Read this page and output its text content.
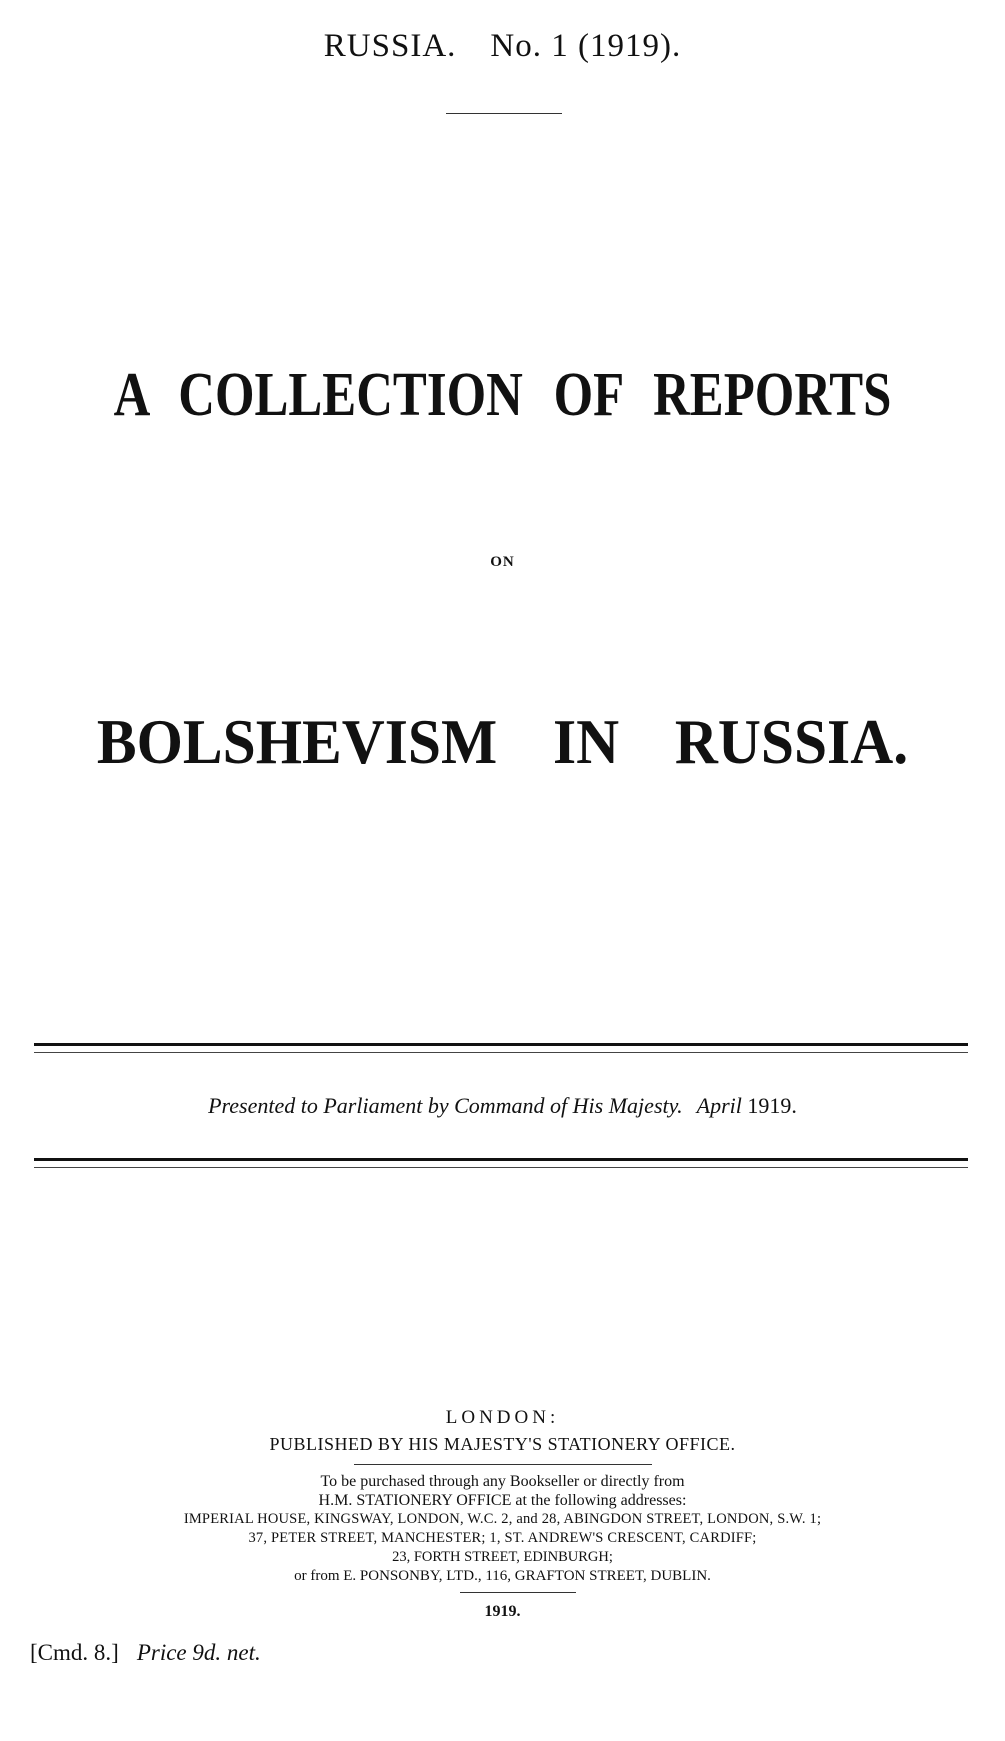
RUSSIA. No. 1 (1919).
A COLLECTION OF REPORTS
ON
BOLSHEVISM IN RUSSIA.
Presented to Parliament by Command of His Majesty. April 1919.
LONDON:
PUBLISHED BY HIS MAJESTY'S STATIONERY OFFICE.
To be purchased through any Bookseller or directly from
H.M. STATIONERY OFFICE at the following addresses:
IMPERIAL HOUSE, KINGSWAY, LONDON, W.C. 2, and 28, ABINGDON STREET, LONDON, S.W. 1;
37, PETER STREET, MANCHESTER; 1, ST. ANDREW'S CRESCENT, CARDIFF;
23, FORTH STREET, EDINBURGH;
or from E. PONSONBY, LTD., 116, GRAFTON STREET, DUBLIN.
1919.
[Cmd. 8.] Price 9d. net.
